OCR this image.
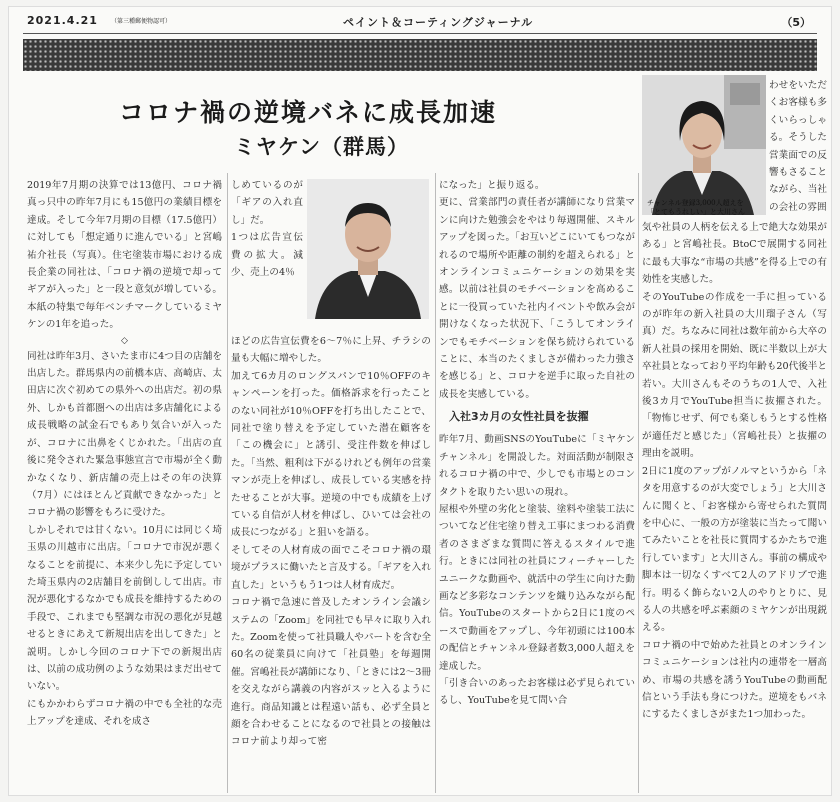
2021.4.21 （第三種郵便物認可）	ペイント＆コーティングジャーナル	（5）
コロナ禍の逆境バネに成長加速
ミヤケン（群馬）

2019年7月期の決算では13億円、コロナ禍真っ只中の昨年7月にも15億円の業績目標を達成。そして今年7月期の目標（17.5億円）に対しても「想定通りに進んでいる」と宮嶋祐介社長（写真）。住宅塗装市場における成長企業の同社は、「コロナ禍の逆境で却ってギアが入った」と一段と意気が増している。本紙の特集で毎年ベンチマークしているミヤケンの1年を追った。

◇

同社は昨年3月、さいたま市に4つ目の店舗を出店した。群馬県内の前橋本店、高崎店、太田店に次ぐ初めての県外への出店だ。初の県外、しかも首都圏への出店は多店舗化による成長戦略の試金石でもあり気合いが入ったが、コロナに出鼻をくじかれた。「出店の直後に発令された緊急事態宣言で市場が全く動かなくなり、新店舗の売上はその年の決算（7月）にはほとんど貢献できなかった」とコロナ禍の影響をもろに受けた。

しかしそれでは甘くない。10月には同じく埼玉県の川越市に出店。「コロナで市況が悪くなることを前提に、本来少し先に予定していた埼玉県内の2店舗目を前倒しして出店。市況が悪化するなかでも成長を維持するための手段で、これまでも堅調な市況の悪化が見越せるときにあえて新規出店を出してきた」と説明。しかし今回のコロナ下での新規出店は、以前の成功例のような効果はまだ出せていない。

にもかかわらずコロナ禍の中でも全社的な売上アップを達成、それを成さ

しめているのが「ギアの入れ直し」だ。

1つは広告宣伝費の拡大。減少、売上の4％

ほどの広告宣伝費を6〜7％に上昇、チラシの量も大幅に増やした。

加えて6カ月のロングスパンで10％OFFのキャンペーンを打った。価格訴求を行ったことのない同社が10％OFFを打ち出したことで、同社で塗り替えを予定していた潜在顧客を「この機会に」と誘引、受注件数を伸ばした。「当然、粗利は下がるけれども例年の営業マンが売上を伸ばし、成長している実感を持たせることが大事。逆境の中でも成績を上げている自信が人材を伸ばし、ひいては会社の成長につながる」と狙いを語る。

そしてその人材育成の面でこそコロナ禍の環境がプラスに働いたと言及する。「ギアを入れ直した」というもう1つは人材育成だ。

コロナ禍で急速に普及したオンライン会議システムの「Zoom」を同社でも早々に取り入れた。Zoomを使って社員職人やパートを含む全60名の従業員に向けて「社員塾」を毎週開催。宮嶋社長が講師になり、「ときには2〜3冊を交えながら講義の内容がスッと入るように進行。商品知識とは程遠い話も、必ず全員と顔を合わせることになるので社員との接触はコロナ前より却って密

になった」と振り返る。

更に、営業部門の責任者が講師になり営業マンに向けた勉強会をやはり毎週開催、スキルアップを図った。「お互いどこにいてもつながれるので場所や距離の制約を超えられる」とオンラインコミュニケーションの効果を実感。以前は社員のモチベーションを高めることに一役買っていた社内イベントや飲み会が開けなくなった状況下、「こうしてオンラインでもモチベーションを保ち続けられていることに、本当のたくましさが備わった力強さを感じる」と、コロナを逆手に取った自社の成長を実感している。

入社3カ月の女性社員を抜擢

昨年7月、動画SNSのYouTubeに「ミヤケンチャンネル」を開設した。対面活動が制限されるコロナ禍の中で、少しでも市場とのコンタクトを取りたい思いの現れ。

屋根や外壁の劣化と塗装、塗料や塗装工法についてなど住宅塗り替え工事にまつわる消費者のさまざまな質問に答えるスタイルで進行。ときには同社の社員にフィーチャーしたユニークな動画や、就活中の学生に向けた動画など多彩なコンテンツを織り込みながら配信。YouTubeのスタートから2日に1度のペースで動画をアップし、今年初頭には100本の配信とチャンネル登録者数3,000人超えを達成した。

「引き合いのあったお客様は必ず見られているし、YouTubeを見て問い合

わせをいただくお客様も多くいらっしゃる。そうした営業面での反響もさることながら、当社の会社の雰囲

チャンネル登録3,000人超えを「とてもうれしい」と大川さん

気や社員の人柄を伝える上で絶大な効果がある」と宮嶋社長。BtoCで展開する同社に最も大事な“市場の共感”を得る上での有効性を実感した。

そのYouTubeの作成を一手に担っているのが昨年の新入社員の大川瑠子さん（写真）だ。ちなみに同社は数年前から大卒の新人社員の採用を開始、既に半数以上が大卒社員となっており平均年齢も20代後半と若い。大川さんもそのうちの1人で、入社後3カ月でYouTube担当に抜擢された。「物怖じせず、何でも楽しもうとする性格が適任だと感じた」（宮嶋社長）と抜擢の理由を説明。

2日に1度のアップがノルマというから「ネタを用意するのが大変でしょう」と大川さんに聞くと、「お客様から寄せられた質問を中心に、一般の方が塗装に当たって聞いてみたいことを社長に質問するかたちで進行しています」と大川さん。事前の構成や脚本は一切なくすべて2人のアドリブで進行。明るく飾らない2人のやりとりに、見る人の共感を呼ぶ素顔のミヤケンが出現鋭える。

コロナ禍の中で始めた社員とのオンラインコミュニケーションは社内の連帯を一層高め、市場の共感を誘うYouTubeの動画配信という手法も身につけた。逆境をもバネにするたくましさがまた1つ加わった。
